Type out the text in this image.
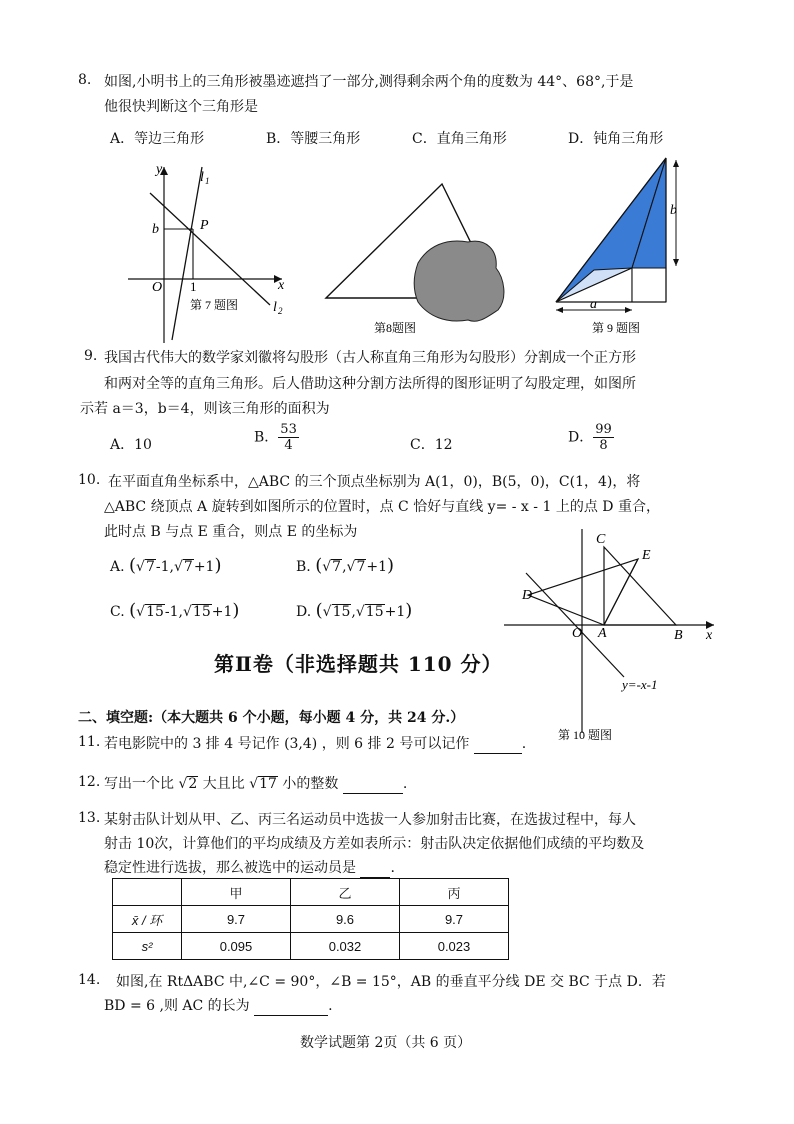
8. 如图,小明书上的三角形被墨迹遮挡了一部分,测得剩余两个角的度数为 44°、68°,于是
他很快判断这个三角形是
A．等边三角形	B．等腰三角形	C．直角三角形	D．钝角三角形
y
l 1
b	P
O 1	x
l 2
第 7 题图
第8题图
b
a
第 9 题图
9. 我国古代伟大的数学家刘徽将勾股形（古人称直角三角形为勾股形）分割成一个正方形
和两对全等的直角三角形。后人借助这种分割方法所得的图形证明了勾股定理，如图所
示若 a＝3，b＝4，则该三角形的面积为
A．10	B． $\frac{53}{4}$	C．12	D． $\frac{99}{8}$
10. 在平面直角坐标系中，△ABC 的三个顶点坐标别为 A(1，0)，B(5，0)，C(1，4)，将
△ABC 绕顶点 A 旋转到如图所示的位置时，点 C 恰好与直线 y= - x - 1 上的点 D 重合，
此时点 B 与点 E 重合，则点 E 的坐标为
A. (√7-1,√7+1)	B. (√7,√7+1)
C. (√15-1,√15+1)	D. (√15,√15+1)
C
E
D
O A	B x
y=-x-1
第 10 题图
第Ⅱ卷（非选择题共 110 分）
二、填空题:（本大题共 6 个小题，每小题 4 分，共 24 分.）
11. 若电影院中的 3 排 4 号记作 (3,4) ，则 6 排 2 号可以记作	.
12. 写出一个比 √2 大且比 √17 小的整数	.
13. 某射击队计划从甲、乙、丙三名运动员中选拔一人参加射击比赛，在选拔过程中，每人
射击 10次，计算他们的平均成绩及方差如表所示：射击队决定依据他们成绩的平均数及
稳定性进行选拔，那么被选中的运动员是 .
	甲	乙	丙
x̄ / 环	9.7	9.6	9.7
s²	0.095	0.032	0.023
14. 如图,在 RtΔABC 中,∠C = 90°，∠B = 15°，AB 的垂直平分线 DE 交 BC 于点 D．若
BD = 6 ,则 AC 的长为	.
数学试题第 2页（共 6 页）
